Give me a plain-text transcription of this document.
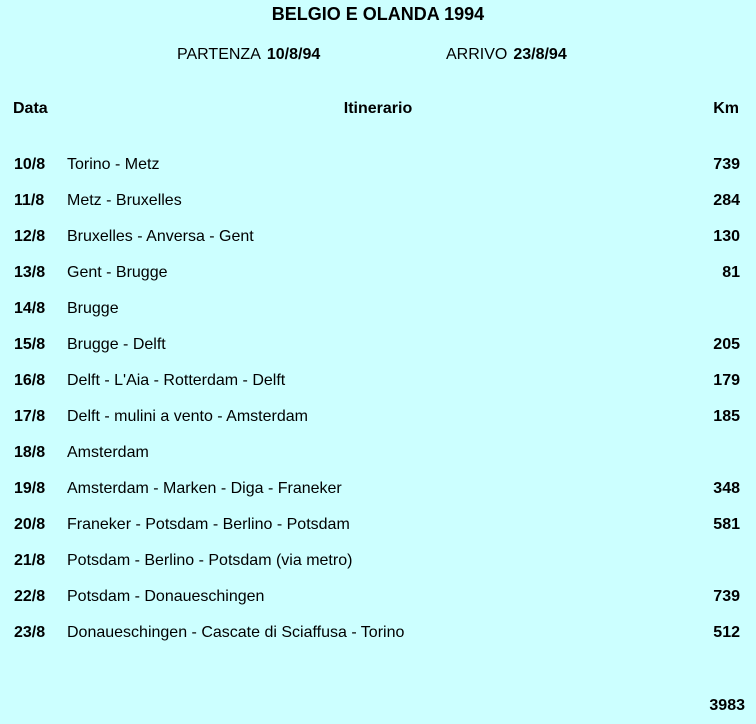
BELGIO E OLANDA 1994
PARTENZA 10/8/94	ARRIVO 23/8/94
Data	Itinerario	Km
10/8 Torino - Metz	739
11/8 Metz - Bruxelles	284
12/8 Bruxelles - Anversa - Gent	130
13/8 Gent - Brugge	81
14/8 Brugge
15/8 Brugge - Delft	205
16/8 Delft - L'Aia - Rotterdam - Delft	179
17/8 Delft - mulini a vento - Amsterdam	185
18/8 Amsterdam
19/8 Amsterdam - Marken - Diga - Franeker	348
20/8 Franeker - Potsdam - Berlino - Potsdam	581
21/8 Potsdam - Berlino - Potsdam (via metro)
22/8 Potsdam - Donaueschingen	739
23/8 Donaueschingen - Cascate di Sciaffusa - Torino	512
3983
